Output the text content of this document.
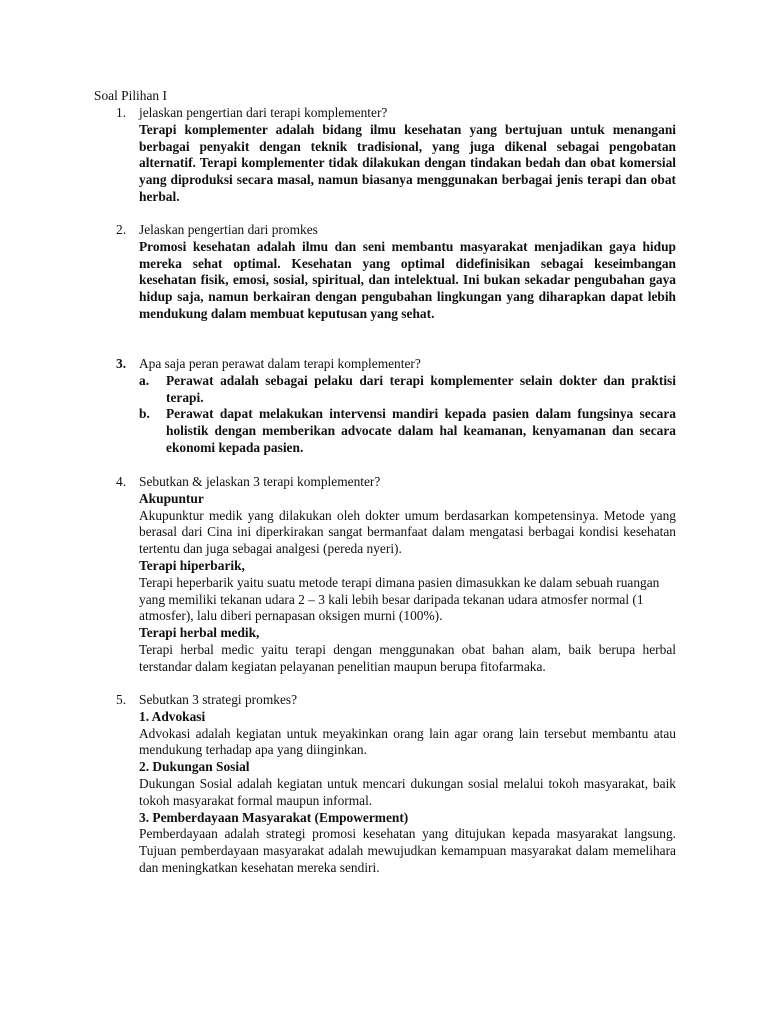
Soal Pilihan I
1. jelaskan pengertian dari terapi komplementer?
Terapi komplementer adalah bidang ilmu kesehatan yang bertujuan untuk menangani berbagai penyakit dengan teknik tradisional, yang juga dikenal sebagai pengobatan alternatif. Terapi komplementer tidak dilakukan dengan tindakan bedah dan obat komersial yang diproduksi secara masal, namun biasanya menggunakan berbagai jenis terapi dan obat herbal.
2. Jelaskan pengertian dari promkes
Promosi kesehatan adalah ilmu dan seni membantu masyarakat menjadikan gaya hidup mereka sehat optimal. Kesehatan yang optimal didefinisikan sebagai keseimbangan kesehatan fisik, emosi, sosial, spiritual, dan intelektual. Ini bukan sekadar pengubahan gaya hidup saja, namun berkairan dengan pengubahan lingkungan yang diharapkan dapat lebih mendukung dalam membuat keputusan yang sehat.
3. Apa saja peran perawat dalam terapi komplementer?
a.	Perawat adalah sebagai pelaku dari terapi komplementer selain dokter dan praktisi terapi.
b.	Perawat dapat melakukan intervensi mandiri kepada pasien dalam fungsinya secara holistik dengan memberikan advocate dalam hal keamanan, kenyamanan dan secara ekonomi kepada pasien.
4. Sebutkan & jelaskan 3 terapi komplementer?
Akupuntur
Akupunktur medik yang dilakukan oleh dokter umum berdasarkan kompetensinya. Metode yang berasal dari Cina ini diperkirakan sangat bermanfaat dalam mengatasi berbagai kondisi kesehatan tertentu dan juga sebagai analgesi (pereda nyeri).
Terapi hiperbarik,
Terapi heperbarik yaitu suatu metode terapi dimana pasien dimasukkan ke dalam sebuah ruangan yang memiliki tekanan udara 2 – 3 kali lebih besar daripada tekanan udara atmosfer normal (1 atmosfer), lalu diberi pernapasan oksigen murni (100%).
Terapi herbal medik,
Terapi herbal medic yaitu terapi dengan menggunakan obat bahan alam, baik berupa herbal terstandar dalam kegiatan pelayanan penelitian maupun berupa fitofarmaka.
5. Sebutkan 3 strategi promkes?
1. Advokasi
Advokasi adalah kegiatan untuk meyakinkan orang lain agar orang lain tersebut membantu atau mendukung terhadap apa yang diinginkan.
2. Dukungan Sosial
Dukungan Sosial adalah kegiatan untuk mencari dukungan sosial melalui tokoh masyarakat, baik tokoh masyarakat formal maupun informal.
3. Pemberdayaan Masyarakat (Empowerment)
Pemberdayaan adalah strategi promosi kesehatan yang ditujukan kepada masyarakat langsung. Tujuan pemberdayaan masyarakat adalah mewujudkan kemampuan masyarakat dalam memelihara dan meningkatkan kesehatan mereka sendiri.
